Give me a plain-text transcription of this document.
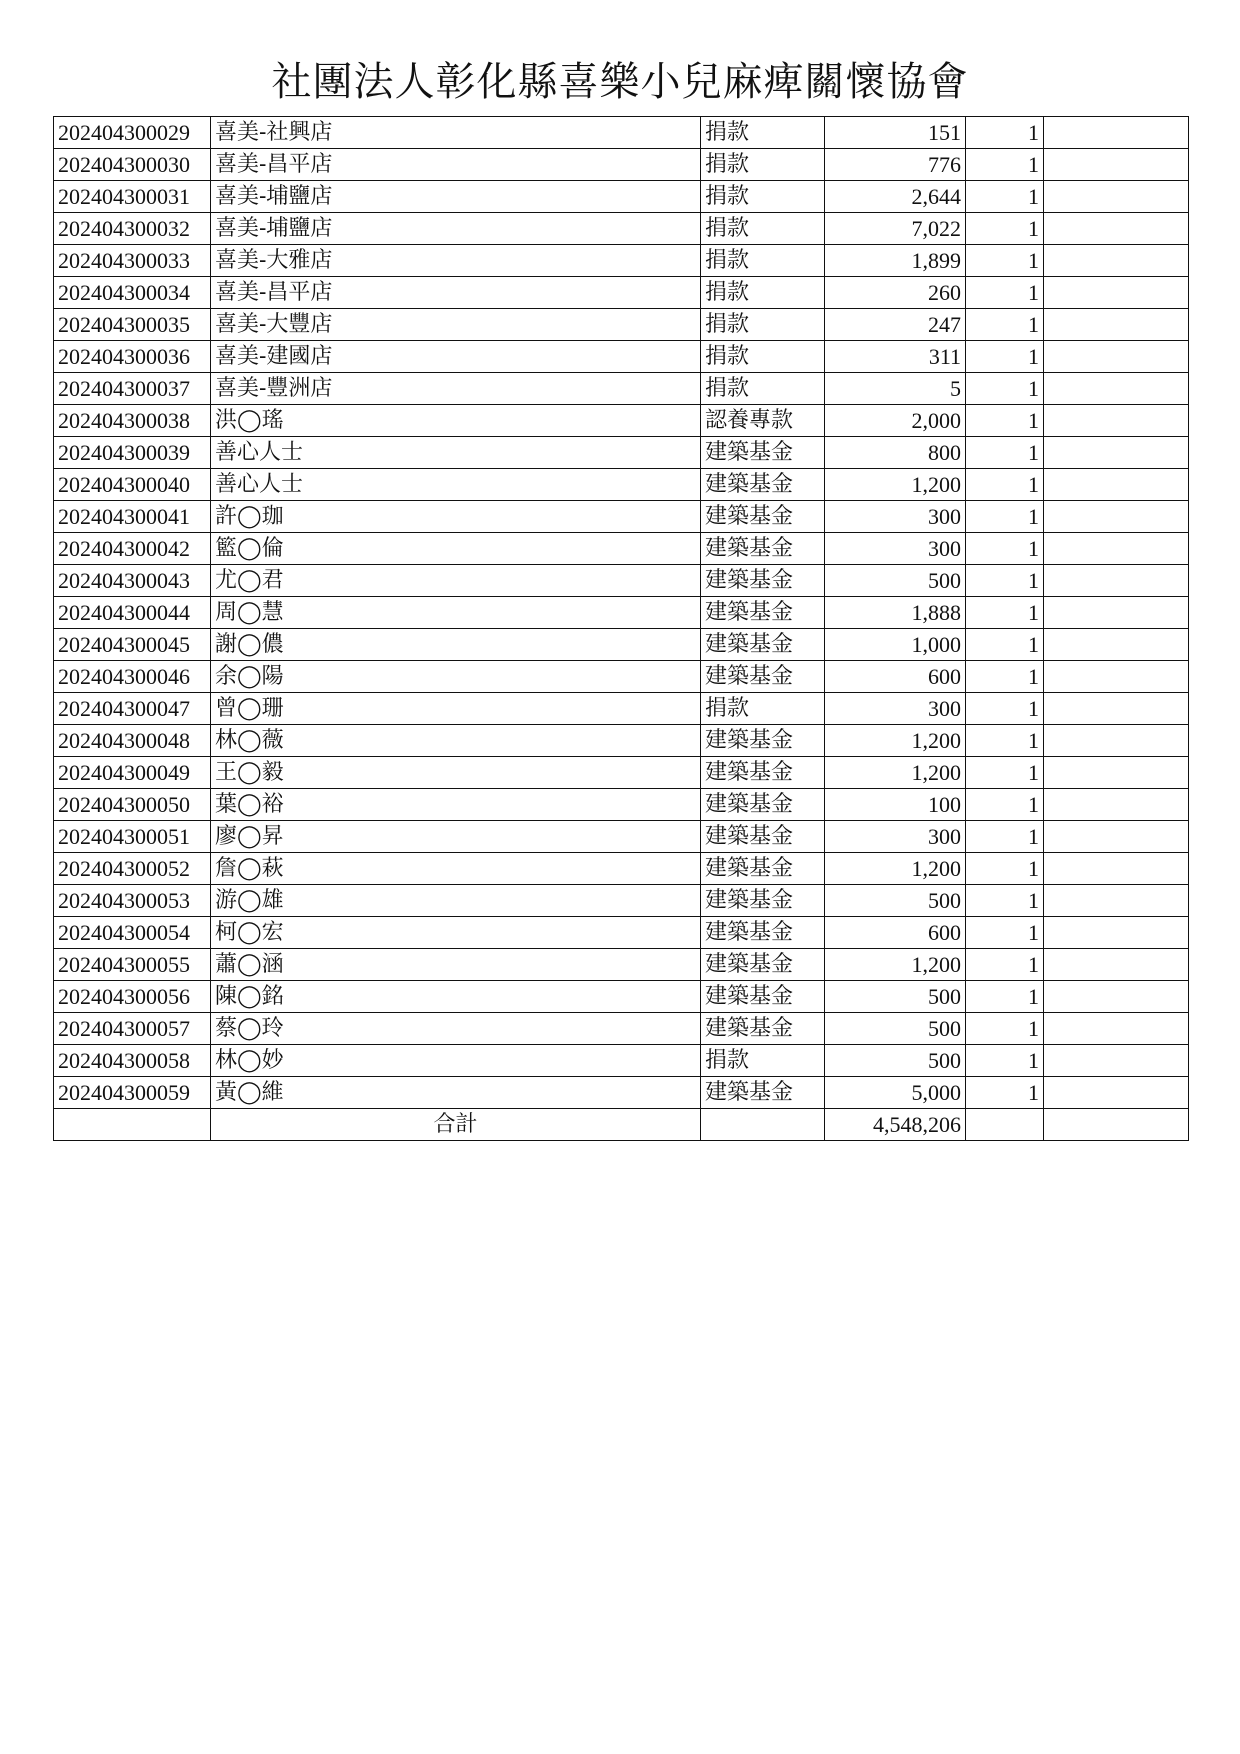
社團法人彰化縣喜樂小兒麻痺關懷協會
202404300029	喜美-社興店	捐款	151	1	
202404300030	喜美-昌平店	捐款	776	1	
202404300031	喜美-埔鹽店	捐款	2,644	1	
202404300032	喜美-埔鹽店	捐款	7,022	1	
202404300033	喜美-大雅店	捐款	1,899	1	
202404300034	喜美-昌平店	捐款	260	1	
202404300035	喜美-大豐店	捐款	247	1	
202404300036	喜美-建國店	捐款	311	1	
202404300037	喜美-豐洲店	捐款	5	1	
202404300038	洪◯瑤	認養專款	2,000	1	
202404300039	善心人士	建築基金	800	1	
202404300040	善心人士	建築基金	1,200	1	
202404300041	許◯珈	建築基金	300	1	
202404300042	籃◯倫	建築基金	300	1	
202404300043	尤◯君	建築基金	500	1	
202404300044	周◯慧	建築基金	1,888	1	
202404300045	謝◯儂	建築基金	1,000	1	
202404300046	余◯陽	建築基金	600	1	
202404300047	曾◯珊	捐款	300	1	
202404300048	林◯薇	建築基金	1,200	1	
202404300049	王◯毅	建築基金	1,200	1	
202404300050	葉◯裕	建築基金	100	1	
202404300051	廖◯昇	建築基金	300	1	
202404300052	詹◯萩	建築基金	1,200	1	
202404300053	游◯雄	建築基金	500	1	
202404300054	柯◯宏	建築基金	600	1	
202404300055	蕭◯涵	建築基金	1,200	1	
202404300056	陳◯銘	建築基金	500	1	
202404300057	蔡◯玲	建築基金	500	1	
202404300058	林◯妙	捐款	500	1	
202404300059	黃◯維	建築基金	5,000	1	
	合計		4,548,206		
